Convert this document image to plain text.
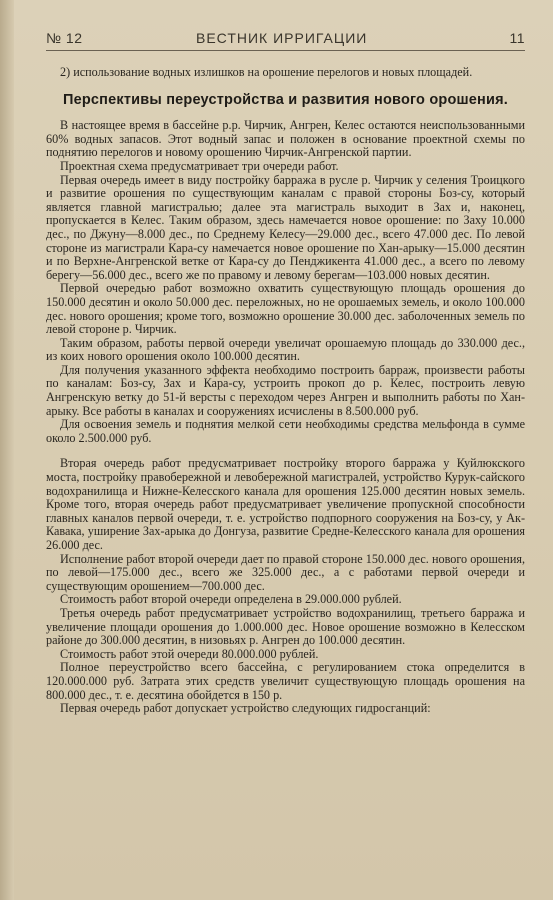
№ 12	ВЕСТНИК ИРРИГАЦИИ	11

2) использование водных излишков на орошение перелогов и новых площадей.

Перспективы переустройства и развития нового орошения.

В настоящее время в бассейне р.р. Чирчик, Ангрен, Келес остаются неиспользованными 60% водных запасов. Этот водный запас и положен в основание проектной схемы по поднятию перелогов и новому орошению Чирчик-Ангренской партии.

Проектная схема предусматривает три очереди работ.

Первая очередь имеет в виду постройку барража в русле р. Чирчик у селения Троицкого и развитие орошения по существующим каналам с правой стороны Боз-су, который является главной магистралью; далее эта магистраль выходит в Зах и, наконец, пропускается в Келес. Таким образом, здесь намечается новое орошение: по Заху 10.000 дес., по Джуну—8.000 дес., по Среднему Келесу—29.000 дес., всего 47.000 дес. По левой стороне из магистрали Кара-су намечается новое орошение по Хан-арыку—15.000 десятин и по Верхне-Ангренской ветке от Кара-су до Пенджикента 41.000 дес., а всего по левому берегу—56.000 дес., всего же по правому и левому берегам—103.000 новых десятин.

Первой очередью работ возможно охватить существующую площадь орошения до 150.000 десятин и около 50.000 дес. переложных, но не орошаемых земель, и около 100.000 дес. нового орошения; кроме того, возможно орошение 30.000 дес. заболоченных земель по левой стороне р. Чирчик.

Таким образом, работы первой очереди увеличат орошаемую площадь до 330.000 дес., из коих нового орошения около 100.000 десятин.

Для получения указанного эффекта необходимо построить барраж, произвести работы по каналам: Боз-су, Зах и Кара-су, устроить прокоп до р. Келес, построить левую Ангренскую ветку до 51-й версты с переходом через Ангрен и выполнить работы по Хан-арыку. Все работы в каналах и сооружениях исчислены в 8.500.000 руб.

Для освоения земель и поднятия мелкой сети необходимы средства мельфонда в сумме около 2.500.000 руб.

Вторая очередь работ предусматривает постройку второго барража у Куйлюкского моста, постройку правобережной и левобережной магистралей, устройство Курук-сайского водохранилища и Нижне-Келесского канала для орошения 125.000 десятин новых земель. Кроме того, вторая очередь работ предусматривает увеличение пропускной способности главных каналов первой очереди, т. е. устройство подпорного сооружения на Боз-су, у Ак-Кавака, уширение Зах-арыка до Донгуза, развитие Средне-Келесского канала для орошения 26.000 дес.

Исполнение работ второй очереди дает по правой стороне 150.000 дес. нового орошения, по левой—175.000 дес., всего же 325.000 дес., а с работами первой очереди и существующим орошением—700.000 дес.

Стоимость работ второй очереди определена в 29.000.000 рублей.

Третья очередь работ предусматривает устройство водохранилищ, третьего барража и увеличение площади орошения до 1.000.000 дес. Новое орошение возможно в Келесском районе до 300.000 десятин, в низовьях р. Ангрен до 100.000 десятин.

Стоимость работ этой очереди 80.000.000 рублей.

Полное переустройство всего бассейна, с регулированием стока определится в 120.000.000 руб. Затрата этих средств увеличит существующую площадь орошения на 800.000 дес., т. е. десятина обойдется в 150 р.

Первая очередь работ допускает устройство следующих гидросганций:
